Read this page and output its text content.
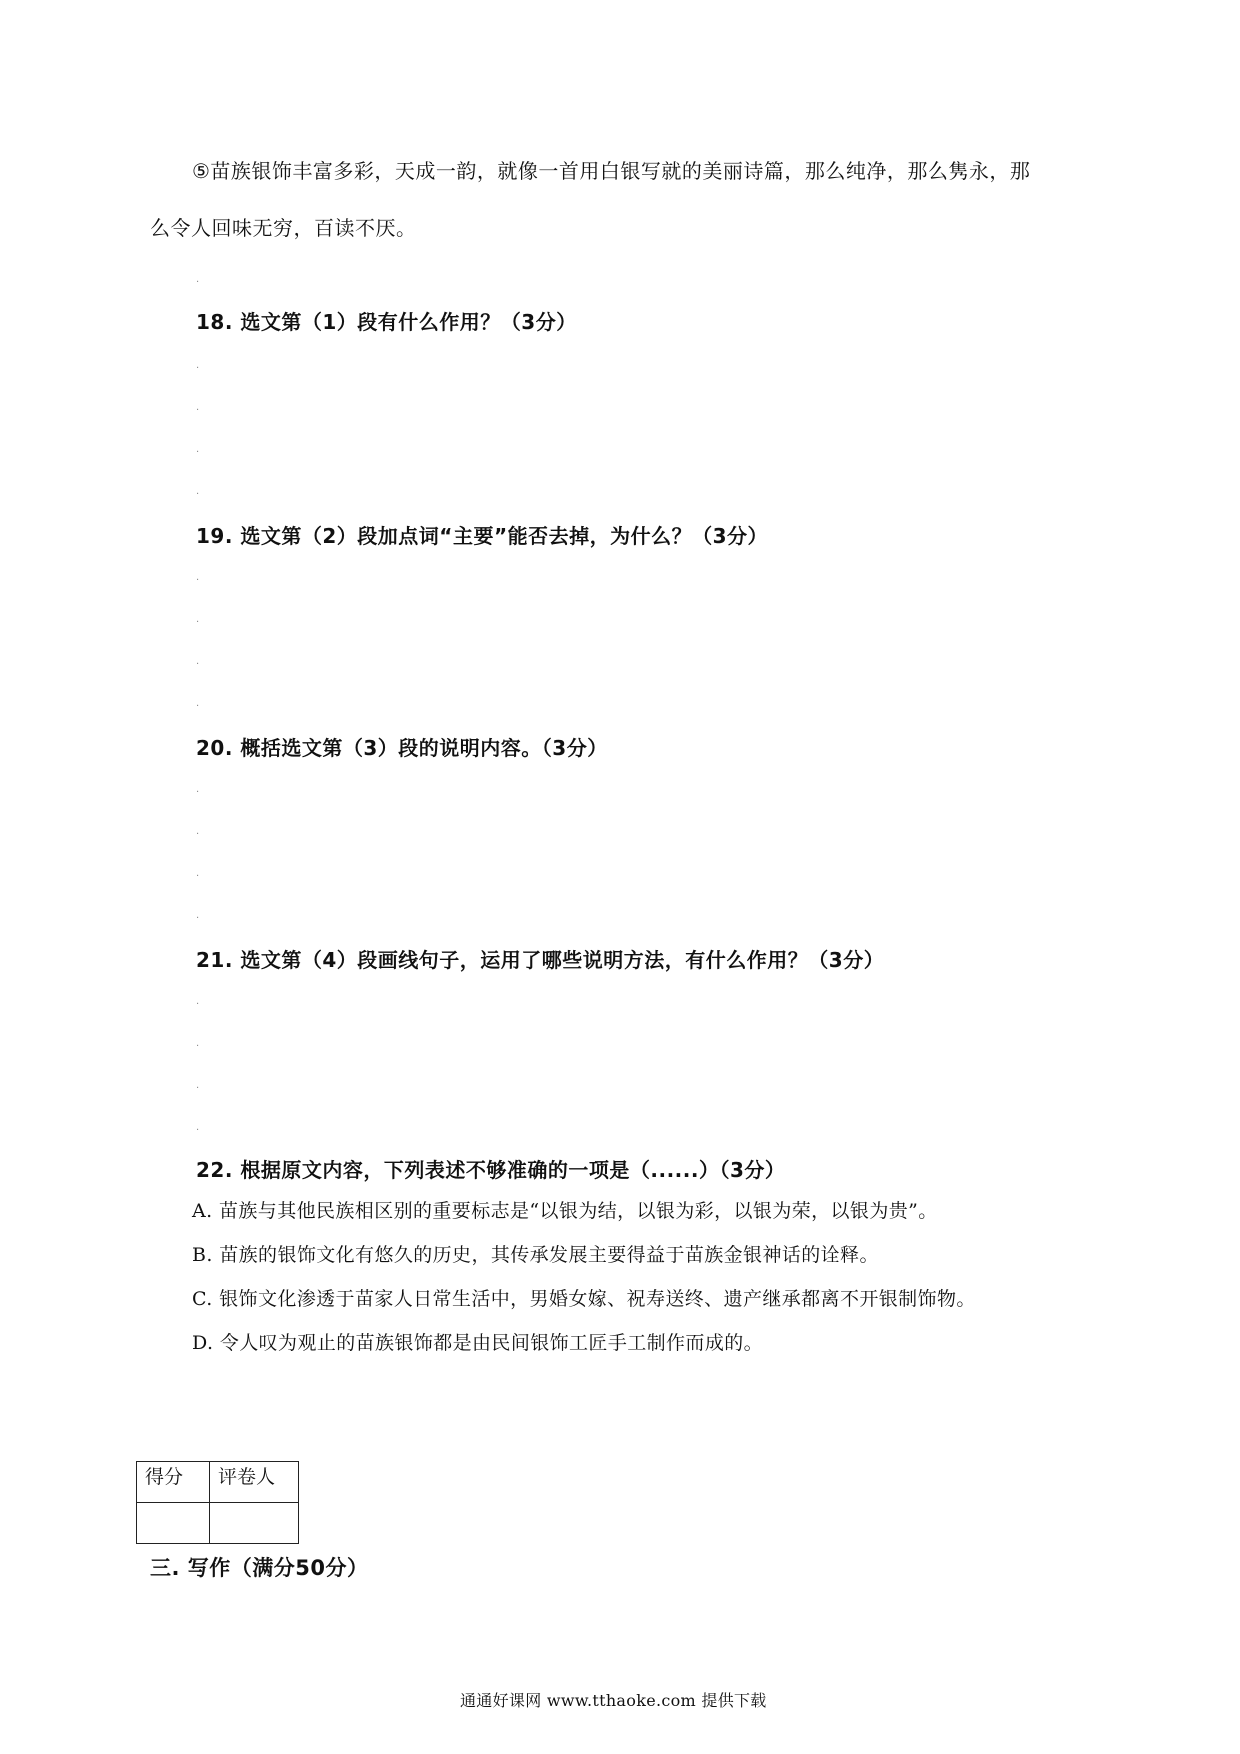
⑤苗族银饰丰富多彩，天成一韵，就像一首用白银写就的美丽诗篇，那么纯净，那么隽永，那
么令人回味无穷，百读不厌。
.
18. 选文第（1）段有什么作用？（3分）
.
.
.
.
19. 选文第（2）段加点词“主要”能否去掉，为什么？（3分）
.
.
.
.
20. 概括选文第（3）段的说明内容。（3分）
.
.
.
.
21. 选文第（4）段画线句子，运用了哪些说明方法，有什么作用？（3分）
.
.
.
.
22. 根据原文内容，下列表述不够准确的一项是（......）（3分）
A. 苗族与其他民族相区别的重要标志是“以银为结，以银为彩，以银为荣，以银为贵”。
B. 苗族的银饰文化有悠久的历史，其传承发展主要得益于苗族金银神话的诠释。
C. 银饰文化渗透于苗家人日常生活中，男婚女嫁、祝寿送终、遗产继承都离不开银制饰物。
D. 令人叹为观止的苗族银饰都是由民间银饰工匠手工制作而成的。
得分	评卷人

三. 写作（满分50分）
通通好课网 www.tthaoke.com 提供下载
